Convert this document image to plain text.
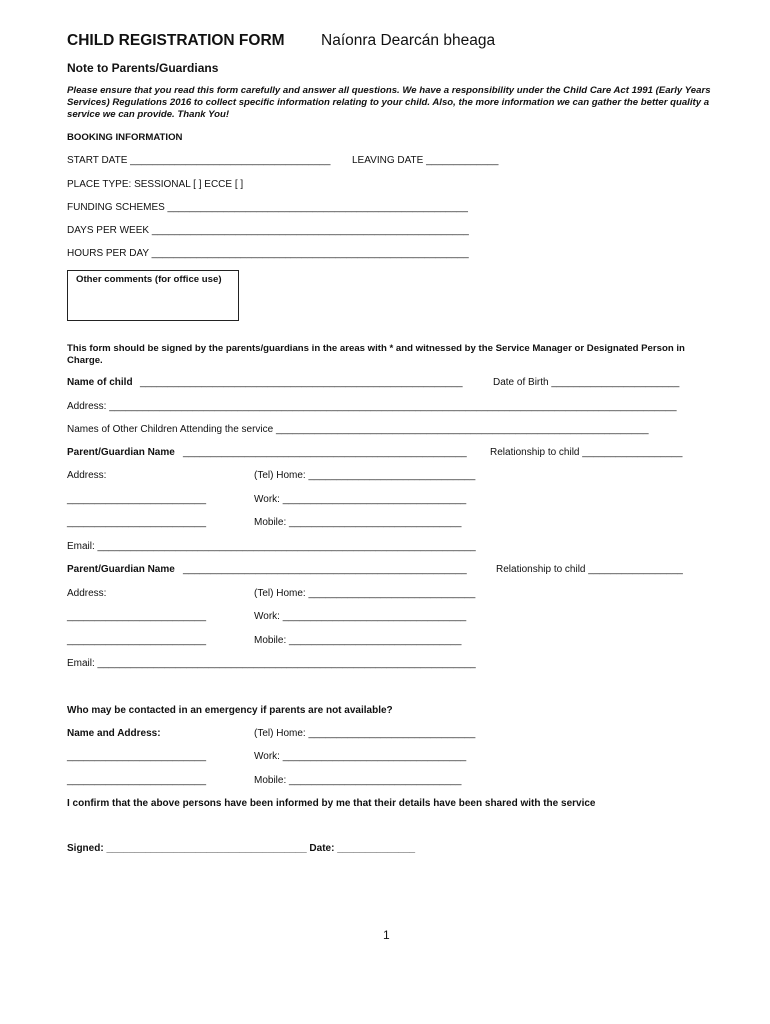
CHILD REGISTRATION FORM Naíonra Dearcán bheaga
Note to Parents/Guardians
Please ensure that you read this form carefully and answer all questions. We have a responsibility under the Child Care Act 1991 (Early Years Services) Regulations 2016 to collect specific information relating to your child. Also, the more information we can gather the better quality a service we can provide. Thank You!
BOOKING INFORMATION
START DATE ____________________________________ LEAVING DATE _____________
PLACE TYPE: SESSIONAL [ ] ECCE [ ]
FUNDING SCHEMES ______________________________________________________
DAYS PER WEEK _________________________________________________________
HOURS PER DAY _________________________________________________________
Other comments (for office use)
This form should be signed by the parents/guardians in the areas with * and witnessed by the Service Manager or Designated Person in Charge.
Name of child __________________________________________________________	Date of Birth _______________________
Address: ______________________________________________________________________________________________________
Names of Other Children Attending the service ___________________________________________________________________
Parent/Guardian Name ___________________________________________________ Relationship to child __________________
Address:	(Tel) Home: ______________________________
_________________________	Work: _________________________________
_________________________	Mobile: _______________________________
Email: ____________________________________________________________________
Parent/Guardian Name ___________________________________________________	Relationship to child _________________
Address:	(Tel) Home: ______________________________
_________________________	Work: _________________________________
_________________________	Mobile: _______________________________
Email: ____________________________________________________________________
Who may be contacted in an emergency if parents are not available?
Name and Address:	(Tel) Home: ______________________________
_________________________	Work: _________________________________
_________________________	Mobile: _______________________________
I confirm that the above persons have been informed by me that their details have been shared with the service
Signed: ____________________________________ Date: ______________
1
